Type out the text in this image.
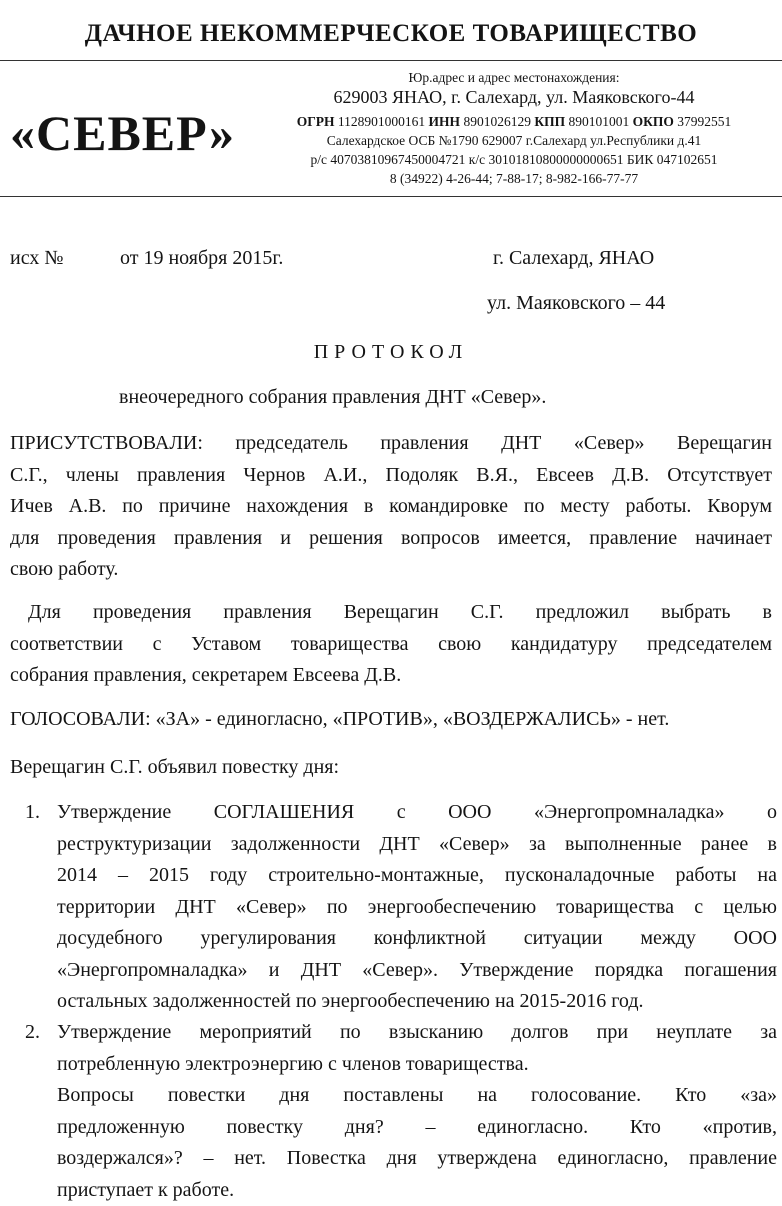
ДАЧНОЕ НЕКОММЕРЧЕСКОЕ ТОВАРИЩЕСТВО
«СЕВЕР»
Юр.адрес и адрес местонахождения:
629003 ЯНАО, г. Салехард, ул. Маяковского-44
ОГРН 1128901000161 ИНН 8901026129 КПП 890101001 ОКПО 37992551
Салехардское ОСБ №1790 629007 г.Салехард ул.Республики д.41
р/с 40703810967450004721 к/с 30101810800000000651 БИК 047102651
8 (34922) 4-26-44; 7-88-17; 8-982-166-77-77
исх №	от 19 ноября 2015г.	г. Салехард, ЯНАО
ул. Маяковского – 44
ПРОТОКОЛ
внеочередного собрания правления ДНТ «Север».
ПРИСУТСТВОВАЛИ: председатель правления ДНТ «Север» Верещагин
С.Г., члены правления Чернов А.И., Подоляк В.Я., Евсеев Д.В. Отсутствует
Ичев А.В. по причине нахождения в командировке по месту работы. Кворум
для проведения правления и решения вопросов имеется, правление начинает
свою работу.
Для проведения правления Верещагин С.Г. предложил выбрать в
соответствии с Уставом товарищества свою кандидатуру председателем
собрания правления, секретарем Евсеева Д.В.
ГОЛОСОВАЛИ: «ЗА» - единогласно, «ПРОТИВ», «ВОЗДЕРЖАЛИСЬ» - нет.
Верещагин С.Г. объявил повестку дня:
1. Утверждение СОГЛАШЕНИЯ с ООО «Энергопромналадка» о
реструктуризации задолженности ДНТ «Север» за выполненные ранее в
2014 – 2015 году строительно-монтажные, пусконаладочные работы на
территории ДНТ «Север» по энергообеспечению товарищества с целью
досудебного урегулирования конфликтной ситуации между ООО
«Энергопромналадка» и ДНТ «Север». Утверждение порядка погашения
остальных задолженностей по энергообеспечению на 2015-2016 год.
2. Утверждение мероприятий по взысканию долгов при неуплате за
потребленную электроэнергию с членов товарищества.
Вопросы повестки дня поставлены на голосование. Кто «за»
предложенную повестку дня? – единогласно. Кто «против,
воздержался»? – нет. Повестка дня утверждена единогласно, правление
приступает к работе.
